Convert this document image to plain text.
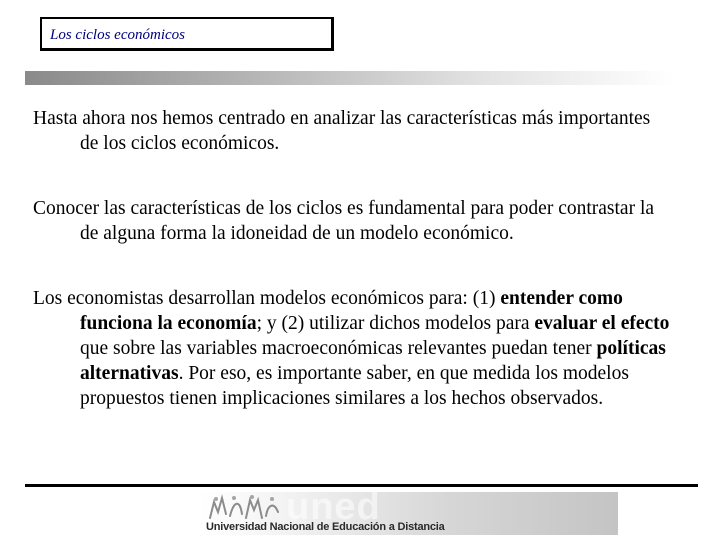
Los ciclos económicos

Hasta ahora nos hemos centrado en analizar las características más importantes de los ciclos económicos.

Conocer las características de los ciclos es fundamental para poder contrastar la de alguna forma la idoneidad de un modelo económico.

Los economistas desarrollan modelos económicos para: (1) entender como funciona la economía; y (2) utilizar dichos modelos para evaluar el efecto que sobre las variables macroeconómicas relevantes puedan tener políticas alternativas. Por eso, es importante saber, en que medida los modelos propuestos tienen implicaciones similares a los hechos observados.

uned
Universidad Nacional de Educación a Distancia
